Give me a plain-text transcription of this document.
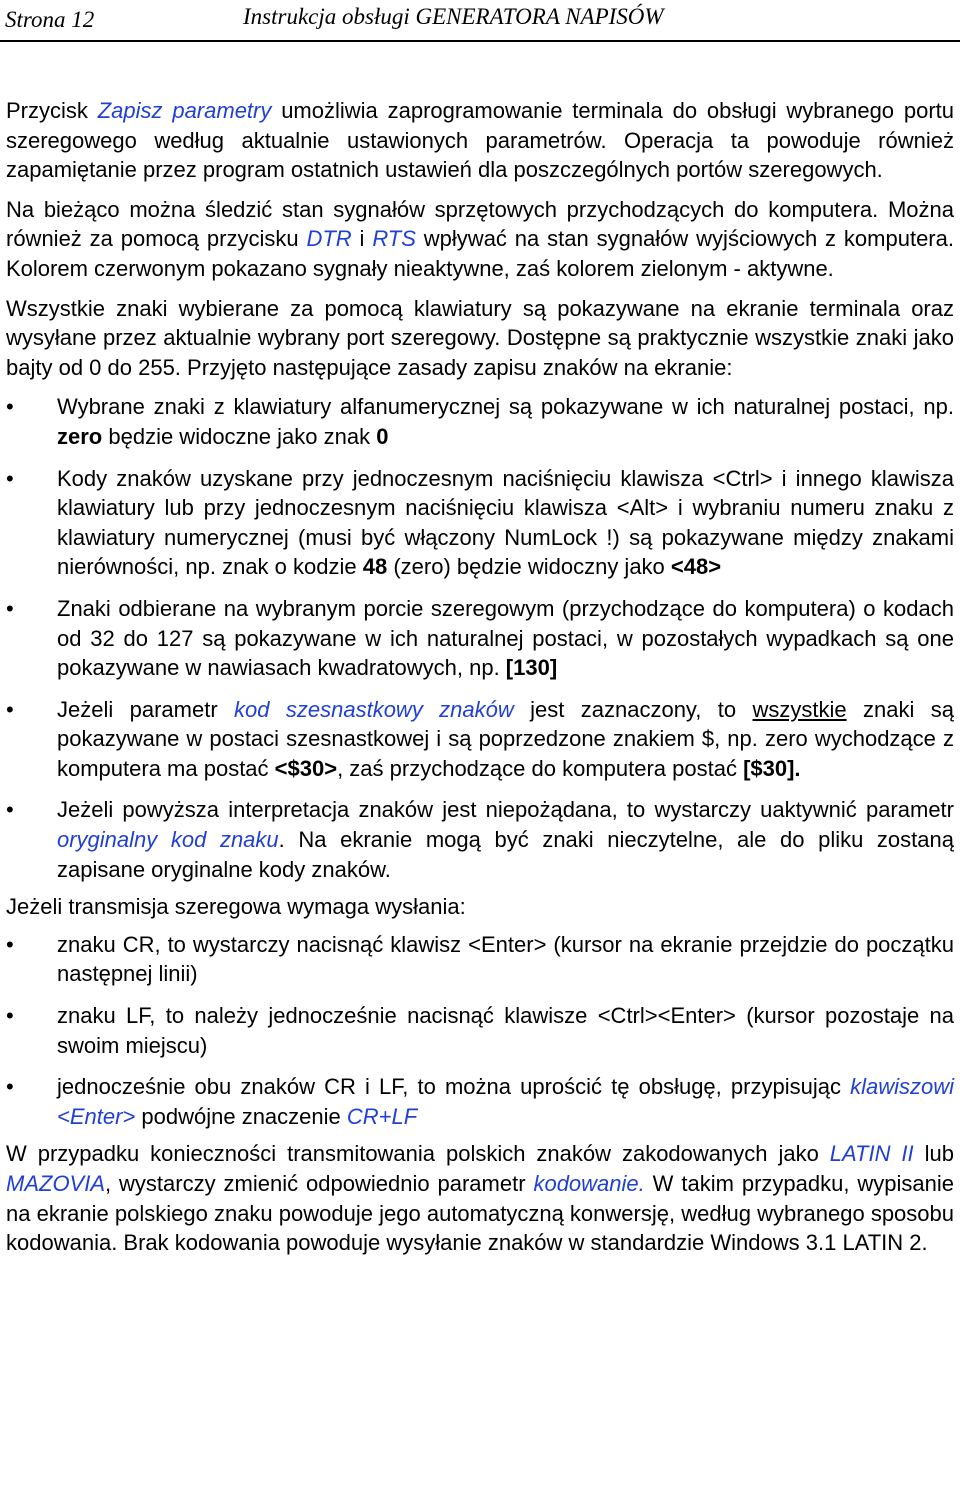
Strona 12	Instrukcja obsługi GENERATORA NAPISÓW

Przycisk Zapisz parametry umożliwia zaprogramowanie terminala do obsługi wybranego portu szeregowego według aktualnie ustawionych parametrów. Operacja ta powoduje również zapamiętanie przez program ostatnich ustawień dla poszczególnych portów szeregowych.

Na bieżąco można śledzić stan sygnałów sprzętowych przychodzących do komputera. Można również za pomocą przycisku DTR i RTS wpływać na stan sygnałów wyjściowych z komputera. Kolorem czerwonym pokazano sygnały nieaktywne, zaś kolorem zielonym - aktywne.

Wszystkie znaki wybierane za pomocą klawiatury są pokazywane na ekranie terminala oraz wysyłane przez aktualnie wybrany port szeregowy. Dostępne są praktycznie wszystkie znaki jako bajty od 0 do 255. Przyjęto następujące zasady zapisu znaków na ekranie:

•	Wybrane znaki z klawiatury alfanumerycznej są pokazywane w ich naturalnej postaci, np. zero będzie widoczne jako znak 0
•	Kody znaków uzyskane przy jednoczesnym naciśnięciu klawisza <Ctrl> i innego klawisza klawiatury lub przy jednoczesnym naciśnięciu klawisza <Alt> i wybraniu numeru znaku z klawiatury numerycznej (musi być włączony NumLock !) są pokazywane między znakami nierówności, np. znak o kodzie 48 (zero) będzie widoczny jako <48>
•	Znaki odbierane na wybranym porcie szeregowym (przychodzące do komputera) o kodach od 32 do 127 są pokazywane w ich naturalnej postaci, w pozostałych wypadkach są one pokazywane w nawiasach kwadratowych, np. [130]
•	Jeżeli parametr kod szesnastkowy znaków jest zaznaczony, to wszystkie znaki są pokazywane w postaci szesnastkowej i są poprzedzone znakiem $, np. zero wychodzące z komputera ma postać <$30>, zaś przychodzące do komputera postać [$30].
•	Jeżeli powyższa interpretacja znaków jest niepożądana, to wystarczy uaktywnić parametr oryginalny kod znaku. Na ekranie mogą być znaki nieczytelne, ale do pliku zostaną zapisane oryginalne kody znaków.

Jeżeli transmisja szeregowa wymaga wysłania:

•	znaku CR, to wystarczy nacisnąć klawisz <Enter> (kursor na ekranie przejdzie do początku następnej linii)
•	znaku LF, to należy jednocześnie nacisnąć klawisze <Ctrl><Enter> (kursor pozostaje na swoim miejscu)
•	jednocześnie obu znaków CR i LF, to można uprościć tę obsługę, przypisując klawiszowi <Enter> podwójne znaczenie CR+LF

W przypadku konieczności transmitowania polskich znaków zakodowanych jako LATIN II lub MAZOVIA, wystarczy zmienić odpowiednio parametr kodowanie. W takim przypadku, wypisanie na ekranie polskiego znaku powoduje jego automatyczną konwersję, według wybranego sposobu kodowania. Brak kodowania powoduje wysyłanie znaków w standardzie Windows 3.1 LATIN 2.
